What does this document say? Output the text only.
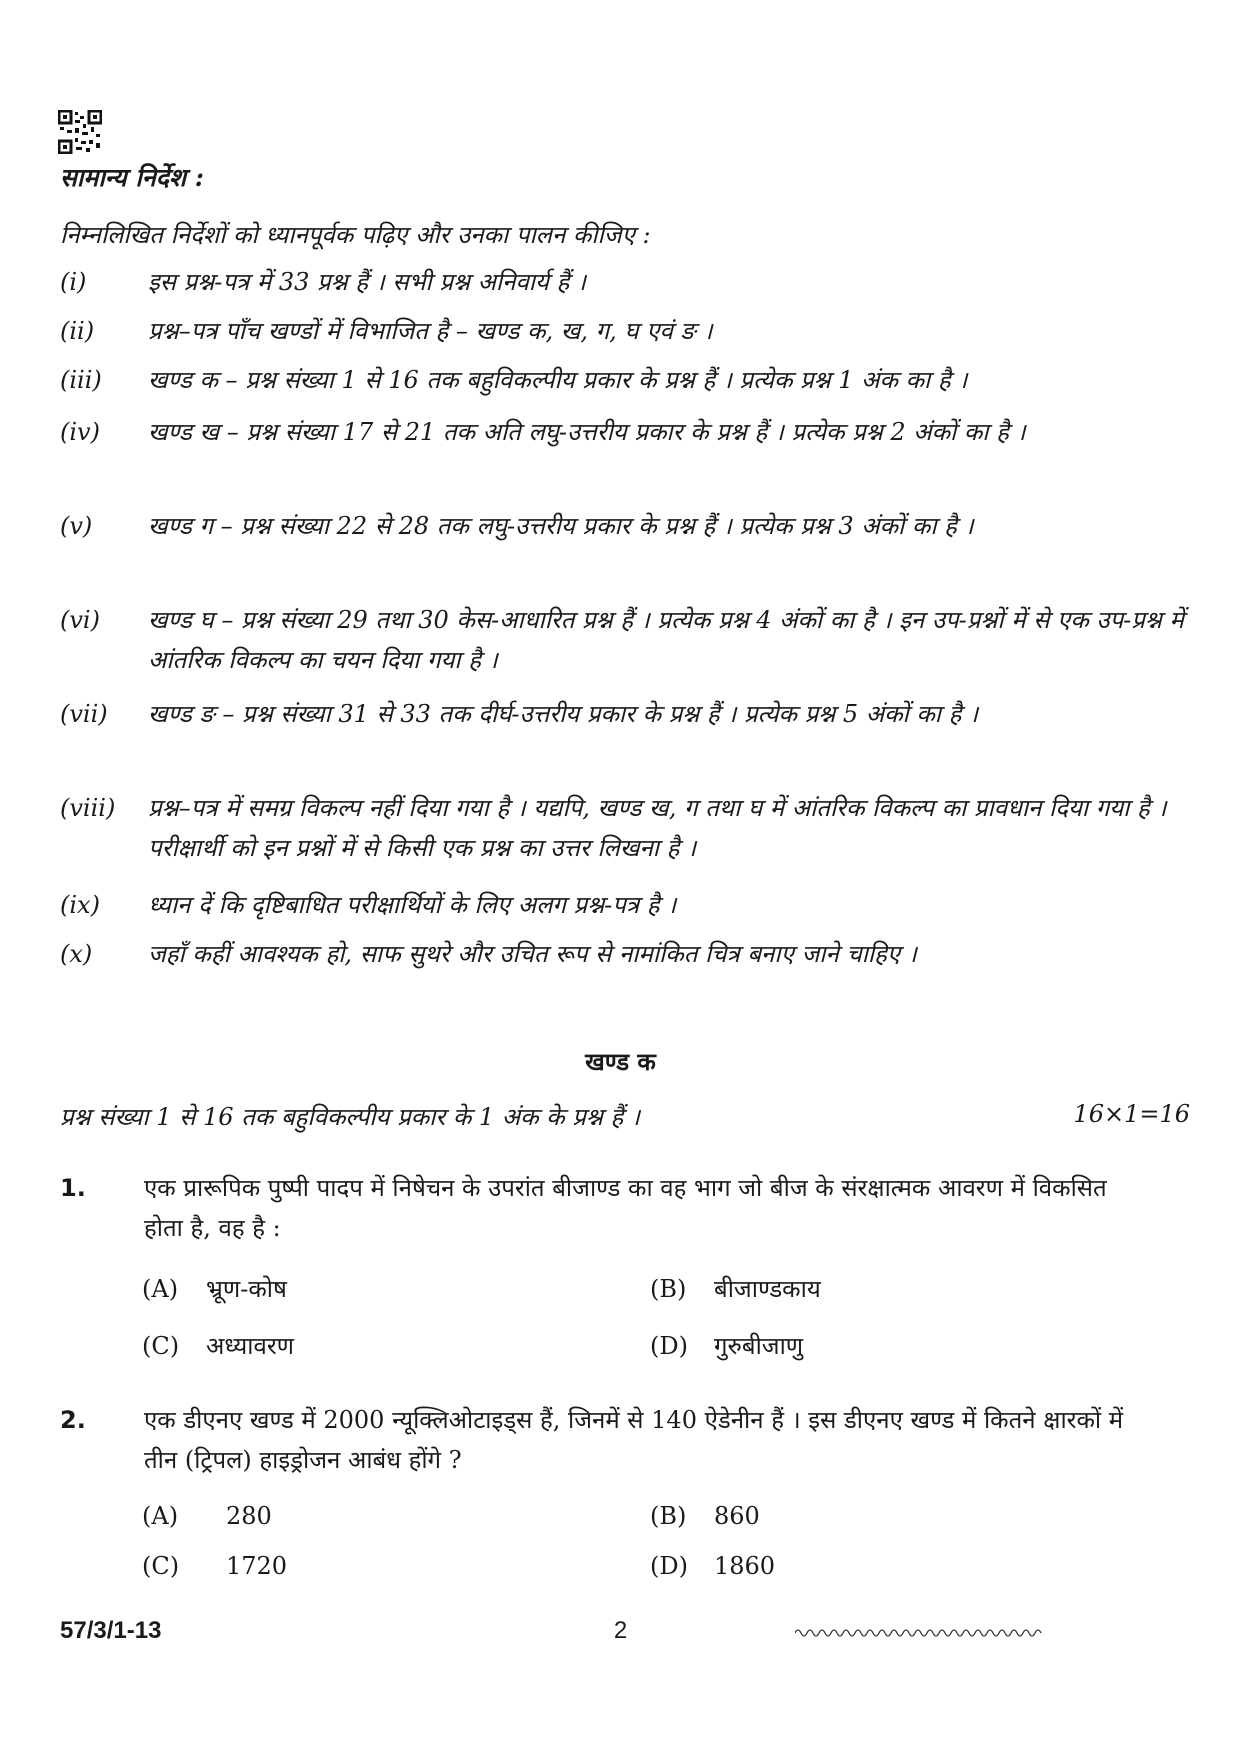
सामान्य निर्देश :
निम्नलिखित निर्देशों को ध्यानपूर्वक पढ़िए और उनका पालन कीजिए :
(i)	इस प्रश्न-पत्र में 33 प्रश्न हैं । सभी प्रश्न अनिवार्य हैं ।
(ii)	प्रश्न–पत्र पाँच खण्डों में विभाजित है – खण्ड क, ख, ग, घ एवं ङ ।
(iii)	खण्ड क – प्रश्न संख्या 1 से 16 तक बहुविकल्पीय प्रकार के प्रश्न हैं । प्रत्येक प्रश्न 1 अंक का है ।
(iv)	खण्ड ख – प्रश्न संख्या 17 से 21 तक अति लघु-उत्तरीय प्रकार के प्रश्न हैं । प्रत्येक प्रश्न 2 अंकों का है ।
(v)	खण्ड ग – प्रश्न संख्या 22 से 28 तक लघु-उत्तरीय प्रकार के प्रश्न हैं । प्रत्येक प्रश्न 3 अंकों का है ।
(vi)	खण्ड घ – प्रश्न संख्या 29 तथा 30 केस-आधारित प्रश्न हैं । प्रत्येक प्रश्न 4 अंकों का है । इन उप-प्रश्नों में से एक उप-प्रश्न में आंतरिक विकल्प का चयन दिया गया है ।
(vii)	खण्ड ङ – प्रश्न संख्या 31 से 33 तक दीर्घ-उत्तरीय प्रकार के प्रश्न हैं । प्रत्येक प्रश्न 5 अंकों का है ।
(viii)	प्रश्न–पत्र में समग्र विकल्प नहीं दिया गया है । यद्यपि, खण्ड ख, ग तथा घ में आंतरिक विकल्प का प्रावधान दिया गया है । परीक्षार्थी को इन प्रश्नों में से किसी एक प्रश्न का उत्तर लिखना है ।
(ix)	ध्यान दें कि दृष्टिबाधित परीक्षार्थियों के लिए अलग प्रश्न-पत्र है ।
(x)	जहाँ कहीं आवश्यक हो, साफ सुथरे और उचित रूप से नामांकित चित्र बनाए जाने चाहिए ।
खण्ड क
प्रश्न संख्या 1 से 16 तक बहुविकल्पीय प्रकार के 1 अंक के प्रश्न हैं ।	16×1=16
1. एक प्रारूपिक पुष्पी पादप में निषेचन के उपरांत बीजाण्ड का वह भाग जो बीज के संरक्षात्मक आवरण में विकसित होता है, वह है :
(A) भ्रूण-कोष	(B) बीजाण्डकाय
(C) अध्यावरण	(D) गुरुबीजाणु
2. एक डीएनए खण्ड में 2000 न्यूक्लिओटाइड्स हैं, जिनमें से 140 ऐडेनीन हैं । इस डीएनए खण्ड में कितने क्षारकों में तीन (ट्रिपल) हाइड्रोजन आबंध होंगे ?
(A) 280	(B) 860
(C) 1720	(D) 1860
57/3/1-13	2
